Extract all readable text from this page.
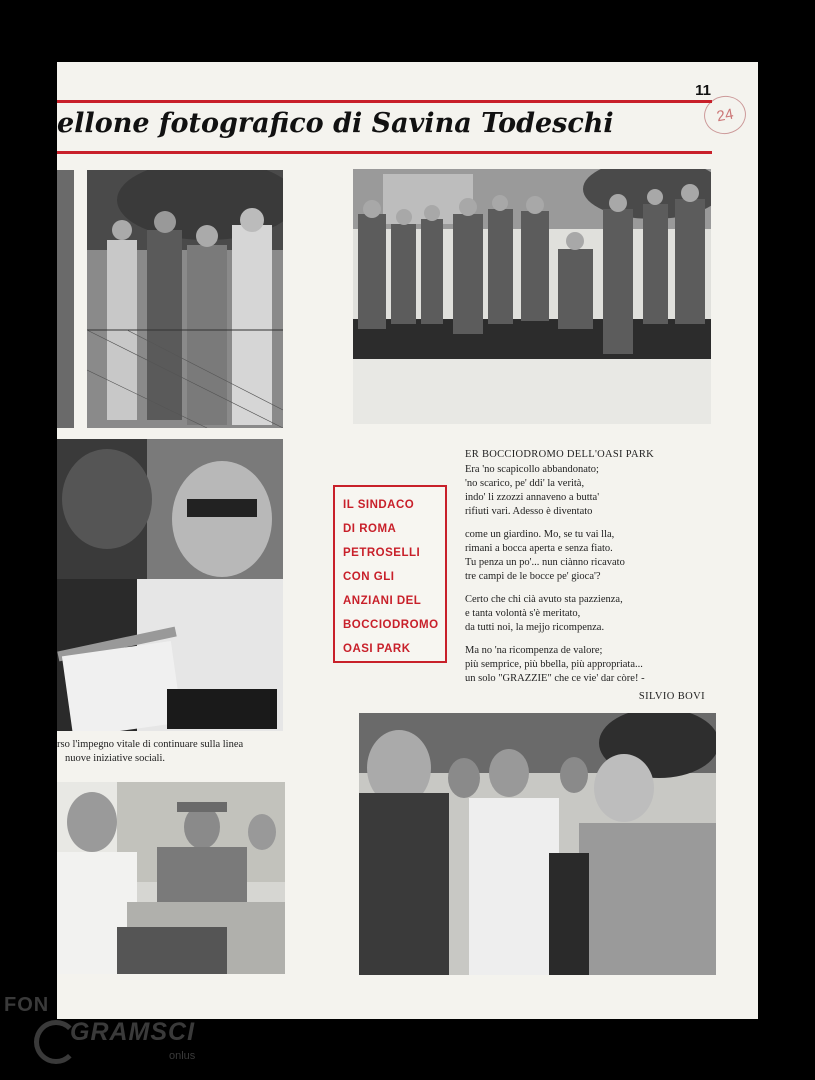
11
24
ellone fotografico di Savina Todeschi
rso l'impegno vitale di continuare sulla linea
nuove iniziative sociali.
IL SINDACO
DI ROMA
PETROSELLI
CON GLI
ANZIANI DEL
BOCCIODROMO
OASI PARK
ER BOCCIODROMO DELL'OASI PARK
Era 'no scapicollo abbandonato;
'no scarico, pe' ddi' la verità,
indo' li zzozzi annaveno a butta'
rifiuti vari. Adesso è diventato
come un giardino. Mo, se tu vai lla,
rimani a bocca aperta e senza fiato.
Tu penza un po'... nun ciànno ricavato
tre campi de le bocce pe' gioca'?
Certo che chi cià avuto sta pazzienza,
e tanta volontà s'è meritato,
da tutti noi, la mejjo ricompenza.
Ma no 'na ricompenza de valore;
più semprice, più bbella, più appropriata...
un solo "GRAZZIE" che ce vie' dar còre! -
SILVIO BOVI
FON
GRAMSCI
onlus
